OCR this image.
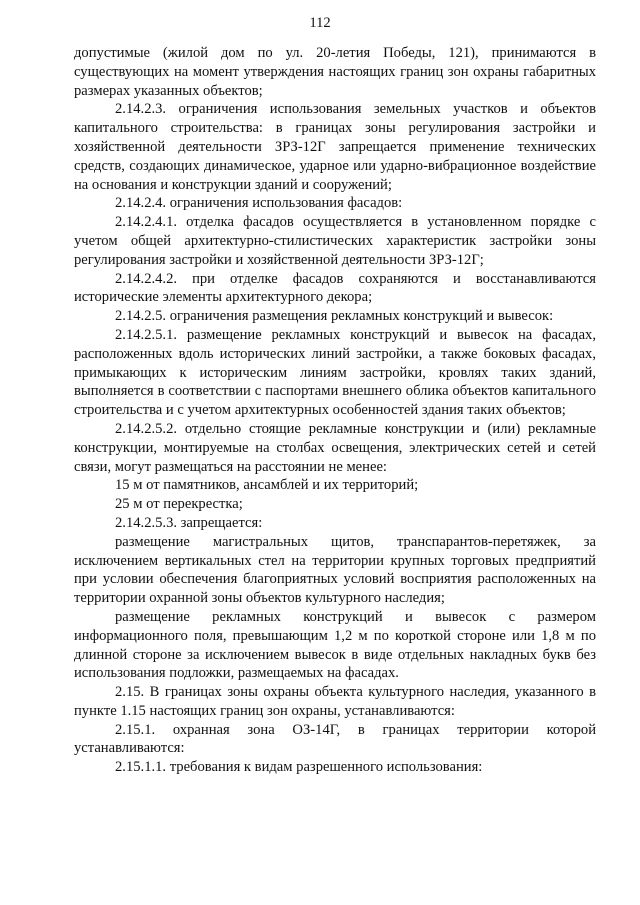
112

допустимые (жилой дом по ул. 20-летия Победы, 121), принимаются в существующих на момент утверждения настоящих границ зон охраны габаритных размерах указанных объектов;

2.14.2.3. ограничения использования земельных участков и объектов капитального строительства: в границах зоны регулирования застройки и хозяйственной деятельности ЗРЗ-12Г запрещается применение технических средств, создающих динамическое, ударное или ударно-вибрационное воздействие на основания и конструкции зданий и сооружений;

2.14.2.4. ограничения использования фасадов:

2.14.2.4.1. отделка фасадов осуществляется в установленном порядке с учетом общей архитектурно-стилистических характеристик застройки зоны регулирования застройки и хозяйственной деятельности ЗРЗ-12Г;

2.14.2.4.2. при отделке фасадов сохраняются и восстанавливаются исторические элементы архитектурного декора;

2.14.2.5. ограничения размещения рекламных конструкций и вывесок:

2.14.2.5.1. размещение рекламных конструкций и вывесок на фасадах, расположенных вдоль исторических линий застройки, а также боковых фасадах, примыкающих к историческим линиям застройки, кровлях таких зданий, выполняется в соответствии с паспортами внешнего облика объектов капитального строительства и с учетом архитектурных особенностей здания таких объектов;

2.14.2.5.2. отдельно стоящие рекламные конструкции и (или) рекламные конструкции, монтируемые на столбах освещения, электрических сетей и сетей связи, могут размещаться на расстоянии не менее:

15 м от памятников, ансамблей и их территорий;

25 м от перекрестка;

2.14.2.5.3. запрещается:

размещение магистральных щитов, транспарантов-перетяжек, за исключением вертикальных стел на территории крупных торговых предприятий при условии обеспечения благоприятных условий восприятия расположенных на территории охранной зоны объектов культурного наследия;

размещение рекламных конструкций и вывесок с размером информационного поля, превышающим 1,2 м по короткой стороне или 1,8 м по длинной стороне за исключением вывесок в виде отдельных накладных букв без использования подложки, размещаемых на фасадах.

2.15. В границах зоны охраны объекта культурного наследия, указанного в пункте 1.15 настоящих границ зон охраны, устанавливаются:

2.15.1. охранная зона ОЗ-14Г, в границах территории которой устанавливаются:

2.15.1.1. требования к видам разрешенного использования:
